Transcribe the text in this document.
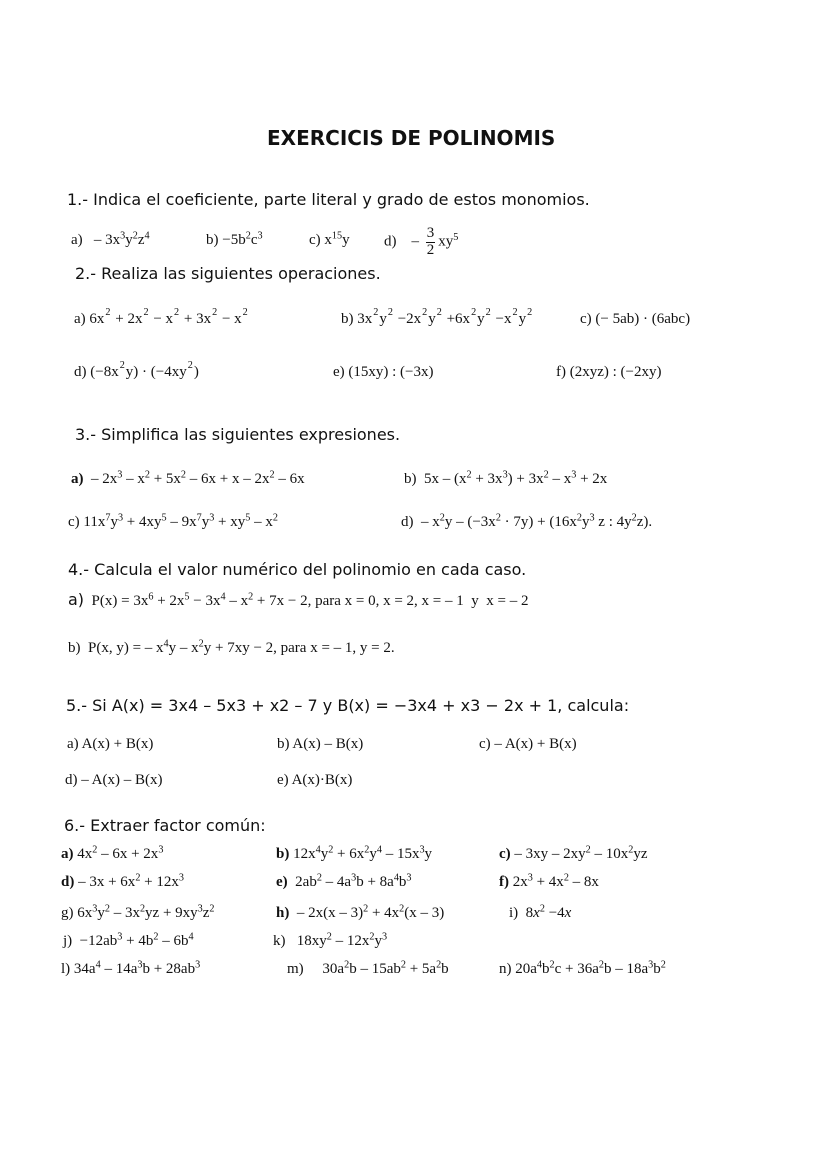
EXERCICIS DE POLINOMIS
1.- Indica el coeficiente, parte literal y grado de estos monomios.
$a) - 3x^3y^2z^4$	$b) -5b^2c^3$	c) $x^{15}y$ d)    – $\frac{3}{2} xy^5$
2.- Realiza las siguientes operaciones.
a) $6x^2 + 2x^2 - x^2 + 3x^2 - x^2$	b) $3x^2y^2 -2x^2y^2 +6x^2y^2 -x^2y^2$	c) (− 5ab) · (6abc)
d) $(-8x^2y) \cdot (-4xy^2)$	e) (15xy) : (−3x)	f) (2xyz) : (−2xy)
3.- Simplifica las siguientes expresiones.
$a) - 2x^3 - x^2 + 5x^2 - 6x + x - 2x^2 - 6x$	b)  $5x - (x^2 + 3x^3) + 3x^2 - x^3 + 2x$
c) $11x^7y^3 + 4xy^5 - 9x^7y^3 + xy^5 - x^2$	$d) - x^2y - (-3x^2 \cdot 7y) + (16x^2y^3$ z : $4y^2z$).
4.- Calcula el valor numérico del polinomio en cada caso.
a)  $P(x) = 3x^6 + 2x^5 - 3x^4 - x^2 + 7x - 2$, para x = 0, x = 2, x = – 1  y  x = – 2
b)  P(x, y) = – $x^4y - x^2y + 7xy - 2$, para x = – 1, y = 2.
5.- Si A(x) = 3x4 – 5x3 + x2 – 7 y B(x) = −3x4 + x3 − 2x + 1, calcula:
a) A(x) + B(x)	b) A(x) – B(x)	c) – A(x) + B(x)
d) – A(x) – B(x)	e) A(x)·B(x)
6.- Extraer factor común:
a) $4x^2 - 6x + 2x^3$	b) $12x^4y^2 + 6x^2y^4 - 15x^3y$	$c) - 3xy - 2xy^2 - 10x^2yz$
$d) - 3x + 6x^2 + 12x^3$	e)  $2ab^2 - 4a^3b + 8a^4b^3$	f) $2x^3 + 4x^2 - 8x$
g) $6x^3y^2 - 3x^2yz + 9xy^3z^2$	$h) - 2x(x - 3)^2 + 4x^2(x - 3)$	i)  $8x^2 -4x$
$j) -12ab^3 + 4b^2 - 6b^4$	k)   $18xy^2 - 12x^2y^3$
l) $34a^4 - 14a^3b + 28ab^3$	m)     $30a^2b - 15ab^2 + 5a^2b$	n) $20a^4b^2c + 36a^2b - 18a^3b^2$
